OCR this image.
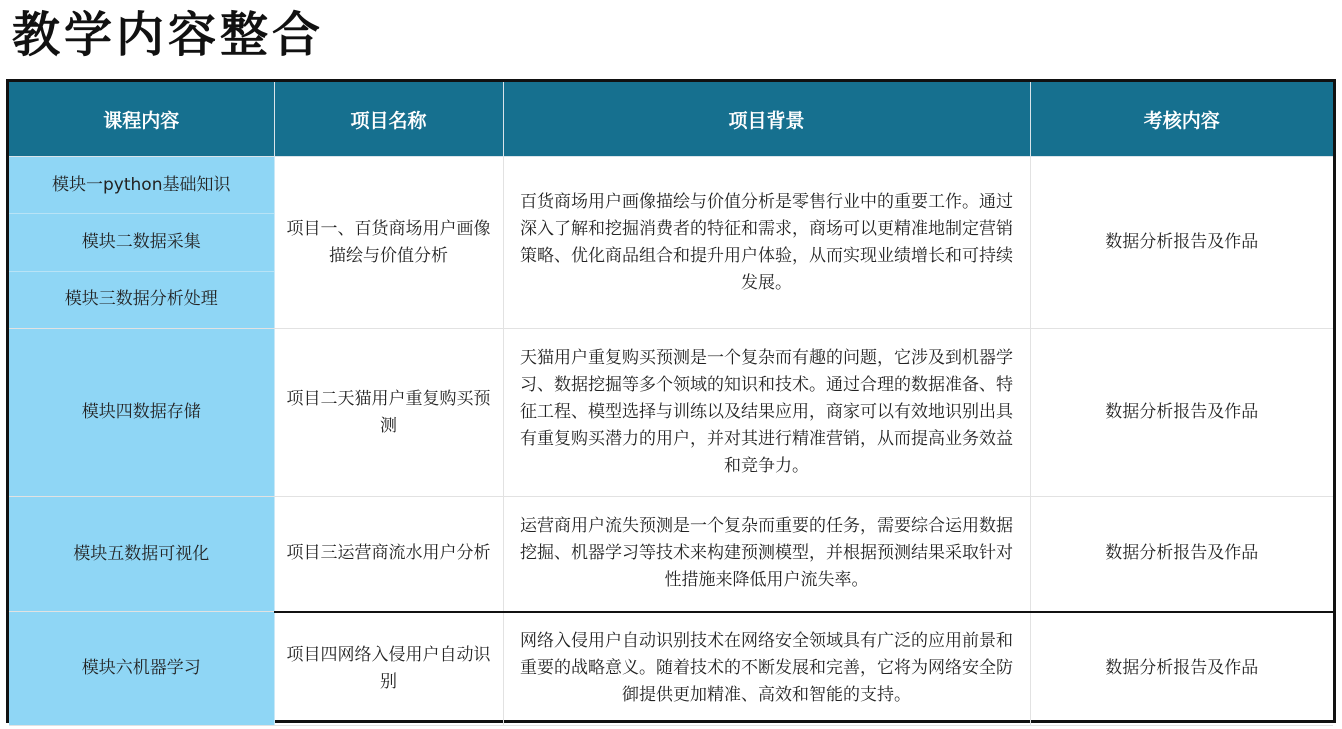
教学内容整合
课程内容	项目名称	项目背景	考核内容

模块一python基础知识
模块二数据采集
模块三数据分析处理	项目一、百货商场用户画像描绘与价值分析	百货商场用户画像描绘与价值分析是零售行业中的重要工作。通过深入了解和挖掘消费者的特征和需求，商场可以更精准地制定营销策略、优化商品组合和提升用户体验，从而实现业绩增长和可持续发展。	数据分析报告及作品

模块四数据存储	项目二天猫用户重复购买预测	天猫用户重复购买预测是一个复杂而有趣的问题，它涉及到机器学习、数据挖掘等多个领域的知识和技术。通过合理的数据准备、特征工程、模型选择与训练以及结果应用，商家可以有效地识别出具有重复购买潜力的用户，并对其进行精准营销，从而提高业务效益和竞争力。	数据分析报告及作品

模块五数据可视化	项目三运营商流水用户分析	运营商用户流失预测是一个复杂而重要的任务，需要综合运用数据挖掘、机器学习等技术来构建预测模型，并根据预测结果采取针对性措施来降低用户流失率。	数据分析报告及作品

模块六机器学习	项目四网络入侵用户自动识别	网络入侵用户自动识别技术在网络安全领域具有广泛的应用前景和重要的战略意义。随着技术的不断发展和完善，它将为网络安全防御提供更加精准、高效和智能的支持。	数据分析报告及作品
